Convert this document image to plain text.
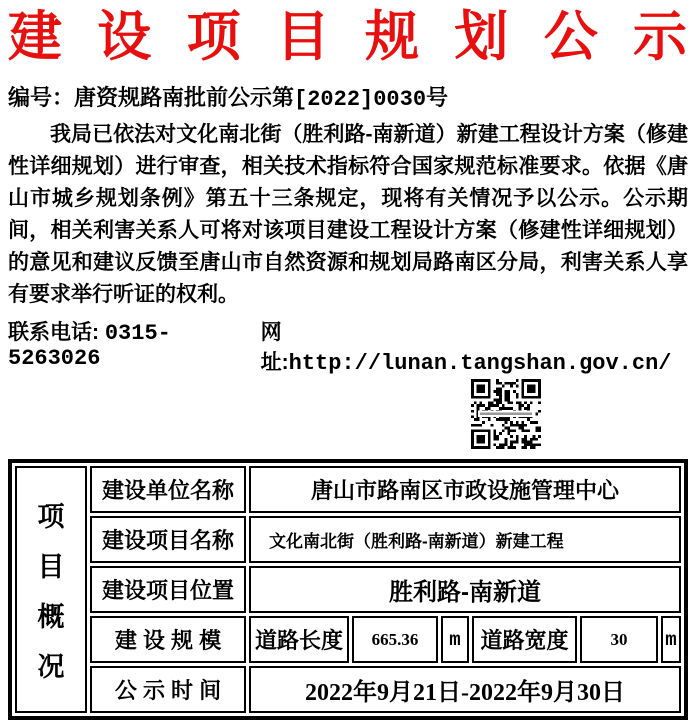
建 设 项 目 规 划 公 示
编号：唐资规路南批前公示第[2022]0030号
我局已依法对文化南北街（胜利路-南新道）新建工程设计方案（修建性详细规划）进行审查，相关技术指标符合国家规范标准要求。依据《唐山市城乡规划条例》第五十三条规定，现将有关情况予以公示。公示期间，相关利害关系人可将对该项目建设工程设计方案（修建性详细规划）的意见和建议反馈至唐山市自然资源和规划局路南区分局，利害关系人享有要求举行听证的权利。
联系电话: 0315-5263026
网址:http://lunan.tangshan.gov.cn/
项
目
概
况
建设单位名称	唐山市路南区市政设施管理中心
建设项目名称	文化南北街（胜利路-南新道）新建工程
建设项目位置	胜利路-南新道
建 设 规 模	道路长度	665.36	m 道路宽度	30	m
公 示 时 间	2022年9月21日-2022年9月30日
